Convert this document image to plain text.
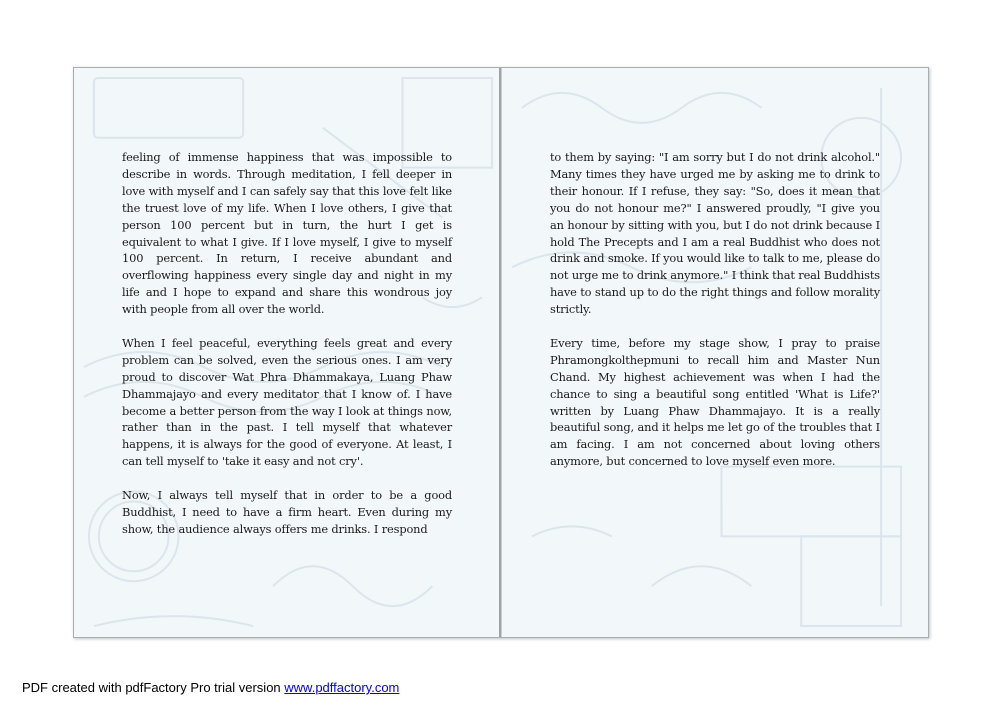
feeling of immense happiness that was impossible to describe in words. Through meditation, I fell deeper in love with myself and I can safely say that this love felt like the truest love of my life. When I love others, I give that person 100 percent but in turn, the hurt I get is equivalent to what I give. If I love myself, I give to myself 100 percent. In return, I receive abundant and overflowing happiness every single day and night in my life and I hope to expand and share this wondrous joy with people from all over the world.

When I feel peaceful, everything feels great and every problem can be solved, even the serious ones. I am very proud to discover Wat Phra Dhammakaya, Luang Phaw Dhammajayo and every meditator that I know of. I have become a better person from the way I look at things now, rather than in the past. I tell myself that whatever happens, it is always for the good of everyone. At least, I can tell myself to 'take it easy and not cry'.

Now, I always tell myself that in order to be a good Buddhist, I need to have a firm heart. Even during my show, the audience always offers me drinks. I respond

to them by saying: "I am sorry but I do not drink alcohol." Many times they have urged me by asking me to drink to their honour. If I refuse, they say: "So, does it mean that you do not honour me?" I answered proudly, "I give you an honour by sitting with you, but I do not drink because I hold The Precepts and I am a real Buddhist who does not drink and smoke. If you would like to talk to me, please do not urge me to drink anymore." I think that real Buddhists have to stand up to do the right things and follow morality strictly.

Every time, before my stage show, I pray to praise Phramongkolthepmuni to recall him and Master Nun Chand. My highest achievement was when I had the chance to sing a beautiful song entitled 'What is Life?' written by Luang Phaw Dhammajayo. It is a really beautiful song, and it helps me let go of the troubles that I am facing. I am not concerned about loving others anymore, but concerned to love myself even more.

PDF created with pdfFactory Pro trial version www.pdffactory.com
